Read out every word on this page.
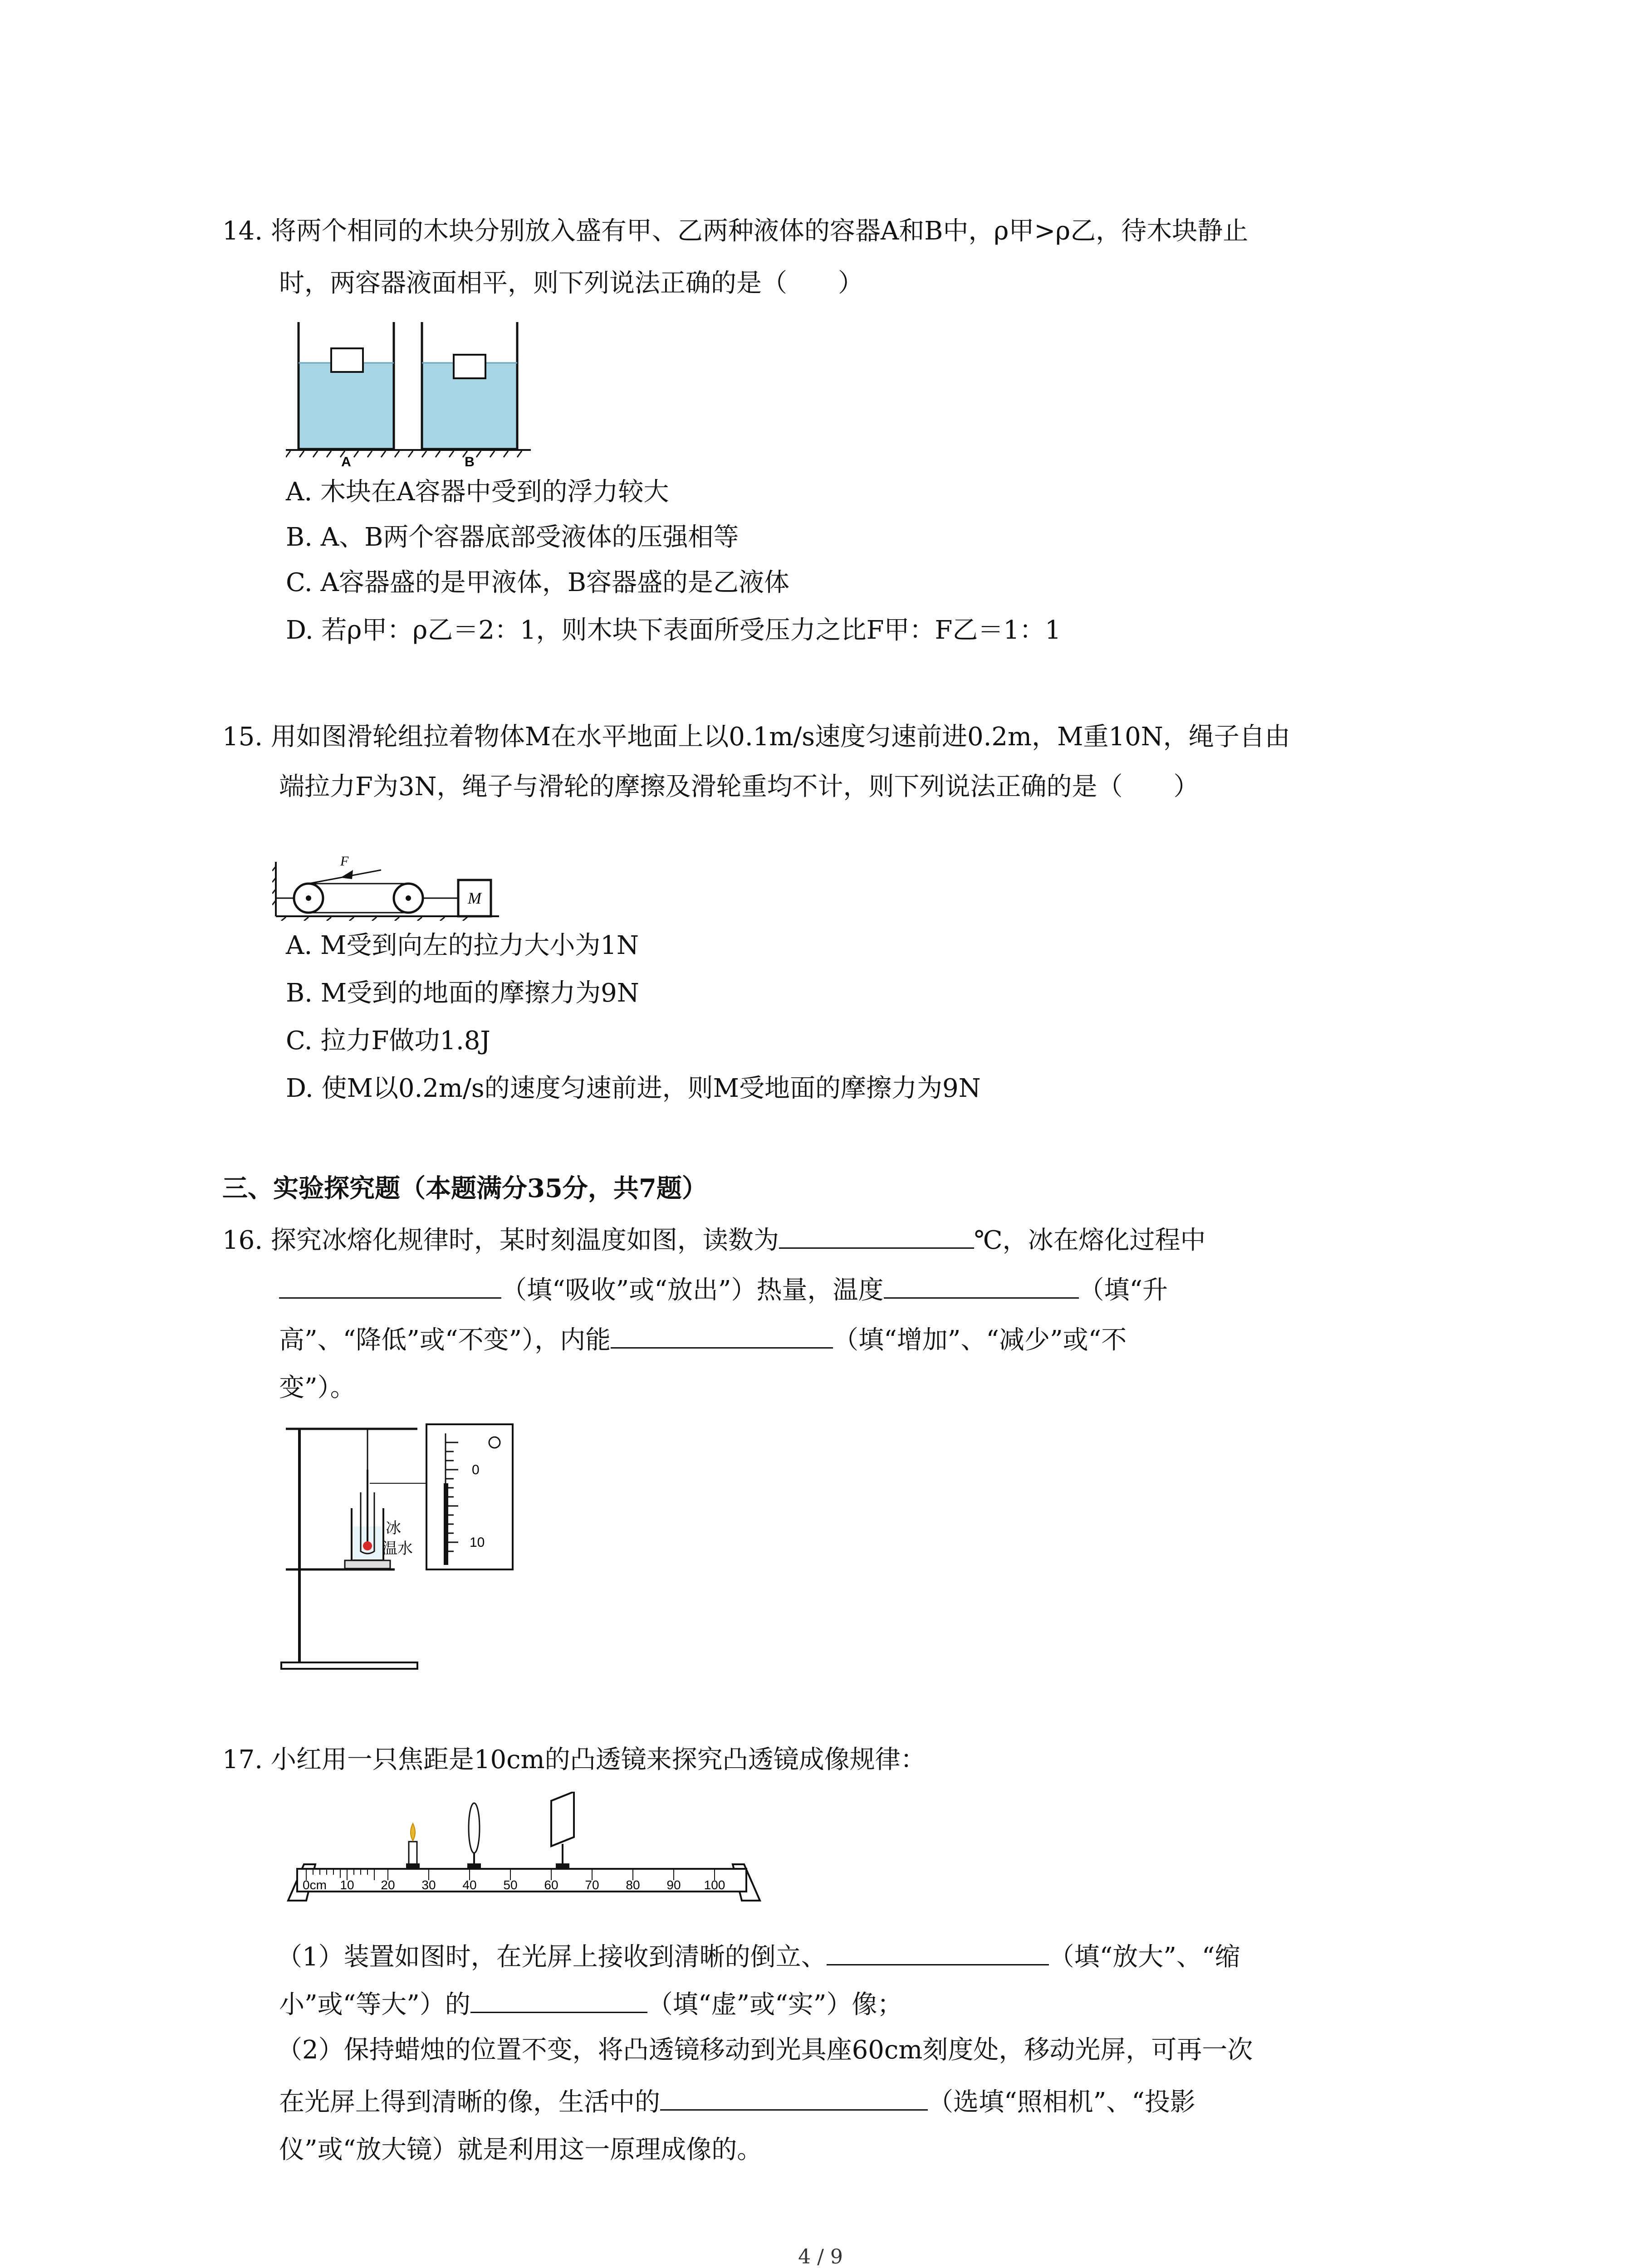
14. 将两个相同的木块分别放入盛有甲、乙两种液体的容器A和B中，ρ甲>ρ乙，待木块静止
时，两容器液面相平，则下列说法正确的是（　　）
A	B
A. 木块在A容器中受到的浮力较大
B. A、B两个容器底部受液体的压强相等
C. A容器盛的是甲液体，B容器盛的是乙液体
D. 若ρ甲：ρ乙＝2：1，则木块下表面所受压力之比F甲：F乙＝1：1
15. 用如图滑轮组拉着物体M在水平地面上以0.1m/s速度匀速前进0.2m，M重10N，绳子自由
端拉力F为3N，绳子与滑轮的摩擦及滑轮重均不计，则下列说法正确的是（　　）
F
M
A. M受到向左的拉力大小为1N
B. M受到的地面的摩擦力为9N
C. 拉力F做功1.8J
D. 使M以0.2m/s的速度匀速前进，则M受地面的摩擦力为9N
三、实验探究题（本题满分35分，共7题）
16. 探究冰熔化规律时，某时刻温度如图，读数为	℃，冰在熔化过程中
（填“吸收”或“放出”）热量，温度	（填“升
高”、“降低”或“不变”），内能	（填“增加”、“减少”或“不
变”）。
冰
温水
0
10
17. 小红用一只焦距是10cm的凸透镜来探究凸透镜成像规律：
0cm 10 20 30 40 50 60 70 80 90 100
（1）装置如图时，在光屏上接收到清晰的倒立、	（填“放大”、“缩
小”或“等大”）的	（填“虚”或“实”）像；
（2）保持蜡烛的位置不变，将凸透镜移动到光具座60cm刻度处，移动光屏，可再一次
在光屏上得到清晰的像，生活中的	（选填“照相机”、“投影
仪”或“放大镜）就是利用这一原理成像的。
4 / 9
